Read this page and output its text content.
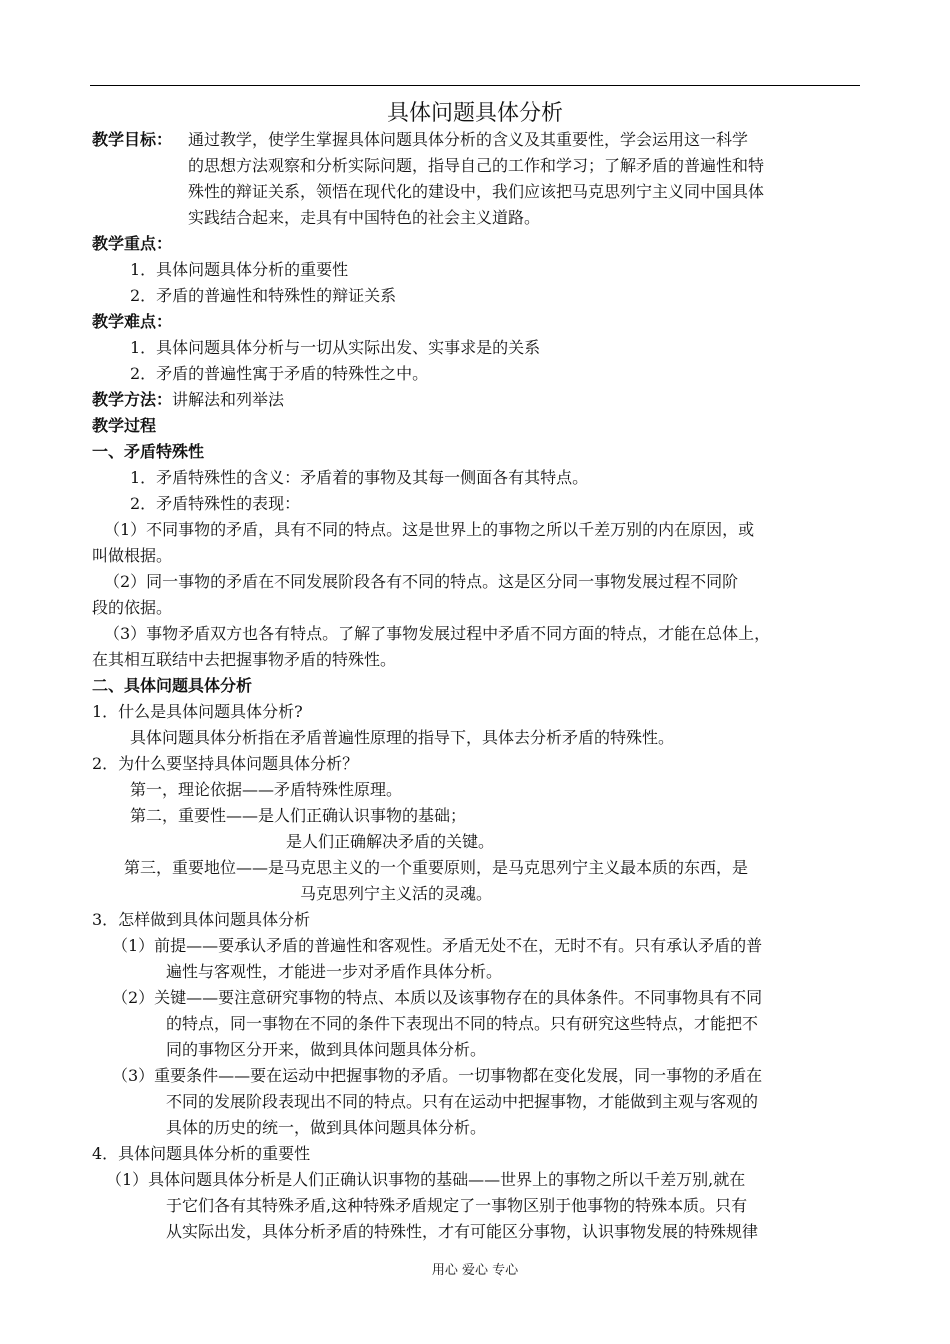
具体问题具体分析
教学目标： 通过教学，使学生掌握具体问题具体分析的含义及其重要性，学会运用这一科学
的思想方法观察和分析实际问题，指导自己的工作和学习；了解矛盾的普遍性和特
殊性的辩证关系，领悟在现代化的建设中，我们应该把马克思列宁主义同中国具体
实践结合起来，走具有中国特色的社会主义道路。
教学重点：
1．具体问题具体分析的重要性
2．矛盾的普遍性和特殊性的辩证关系
教学难点：
1．具体问题具体分析与一切从实际出发、实事求是的关系
2．矛盾的普遍性寓于矛盾的特殊性之中。
教学方法：讲解法和列举法
教学过程
一、矛盾特殊性
1．矛盾特殊性的含义：矛盾着的事物及其每一侧面各有其特点。
2．矛盾特殊性的表现：
（1）不同事物的矛盾，具有不同的特点。这是世界上的事物之所以千差万别的内在原因，或
叫做根据。
（2）同一事物的矛盾在不同发展阶段各有不同的特点。这是区分同一事物发展过程不同阶
段的依据。
（3）事物矛盾双方也各有特点。了解了事物发展过程中矛盾不同方面的特点，才能在总体上，
在其相互联结中去把握事物矛盾的特殊性。
二、具体问题具体分析
1．什么是具体问题具体分析?
具体问题具体分析指在矛盾普遍性原理的指导下，具体去分析矛盾的特殊性。
2．为什么要坚持具体问题具体分析？
第一，理论依据——矛盾特殊性原理。
第二，重要性——是人们正确认识事物的基础；
是人们正确解决矛盾的关键。
第三，重要地位——是马克思主义的一个重要原则，是马克思列宁主义最本质的东西，是
马克思列宁主义活的灵魂。
3．怎样做到具体问题具体分析
（1）前提——要承认矛盾的普遍性和客观性。矛盾无处不在，无时不有。只有承认矛盾的普
遍性与客观性，才能进一步对矛盾作具体分析。
（2）关键——要注意研究事物的特点、本质以及该事物存在的具体条件。不同事物具有不同
的特点，同一事物在不同的条件下表现出不同的特点。只有研究这些特点，才能把不
同的事物区分开来，做到具体问题具体分析。
（3）重要条件——要在运动中把握事物的矛盾。一切事物都在变化发展，同一事物的矛盾在
不同的发展阶段表现出不同的特点。只有在运动中把握事物，才能做到主观与客观的
具体的历史的统一，做到具体问题具体分析。
4．具体问题具体分析的重要性
（1）具体问题具体分析是人们正确认识事物的基础——世界上的事物之所以千差万别,就在
于它们各有其特殊矛盾,这种特殊矛盾规定了一事物区别于他事物的特殊本质。只有
从实际出发，具体分析矛盾的特殊性，才有可能区分事物，认识事物发展的特殊规律
用心 爱心 专心
